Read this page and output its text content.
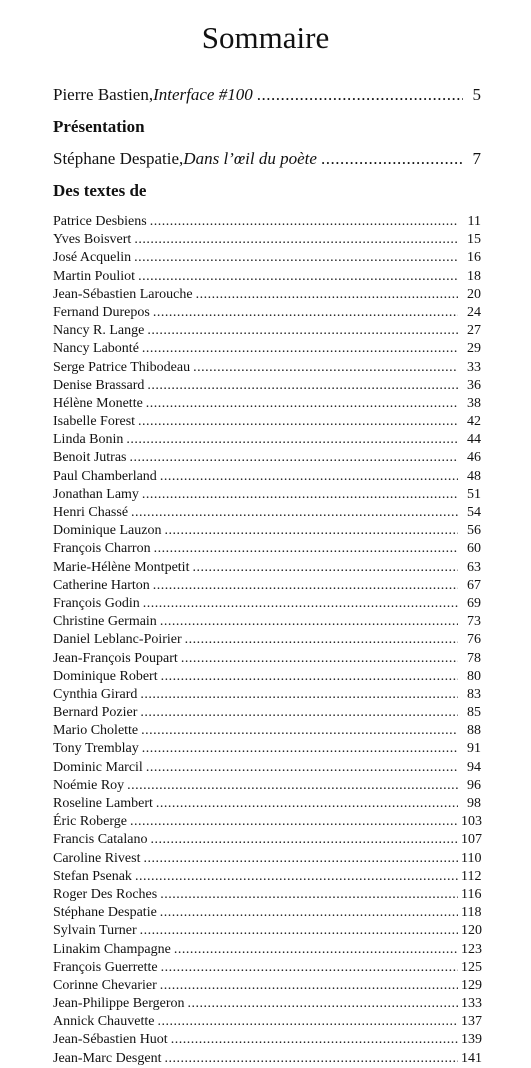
Sommaire
Pierre Bastien, Interface #100 .....	5
Présentation
Stéphane Despatie, Dans l’œil du poète .....	7
Des textes de
Patrice Desbiens .....	11
Yves Boisvert .....	15
José Acquelin .....	16
Martin Pouliot .....	18
Jean-Sébastien Larouche .....	20
Fernand Durepos .....	24
Nancy R. Lange .....	27
Nancy Labonté .....	29
Serge Patrice Thibodeau .....	33
Denise Brassard .....	36
Hélène Monette .....	38
Isabelle Forest .....	42
Linda Bonin .....	44
Benoit Jutras .....	46
Paul Chamberland .....	48
Jonathan Lamy .....	51
Henri Chassé .....	54
Dominique Lauzon .....	56
François Charron .....	60
Marie-Hélène Montpetit .....	63
Catherine Harton .....	67
François Godin .....	69
Christine Germain .....	73
Daniel Leblanc-Poirier .....	76
Jean-François Poupart .....	78
Dominique Robert .....	80
Cynthia Girard .....	83
Bernard Pozier .....	85
Mario Cholette .....	88
Tony Tremblay .....	91
Dominic Marcil .....	94
Noémie Roy .....	96
Roseline Lambert .....	98
Éric Roberge .....	103
Francis Catalano .....	107
Caroline Rivest .....	110
Stefan Psenak .....	112
Roger Des Roches .....	116
Stéphane Despatie .....	118
Sylvain Turner .....	120
Linakim Champagne .....	123
François Guerrette .....	125
Corinne Chevarier .....	129
Jean-Philippe Bergeron .....	133
Annick Chauvette .....	137
Jean-Sébastien Huot .....	139
Jean-Marc Desgent .....	141
